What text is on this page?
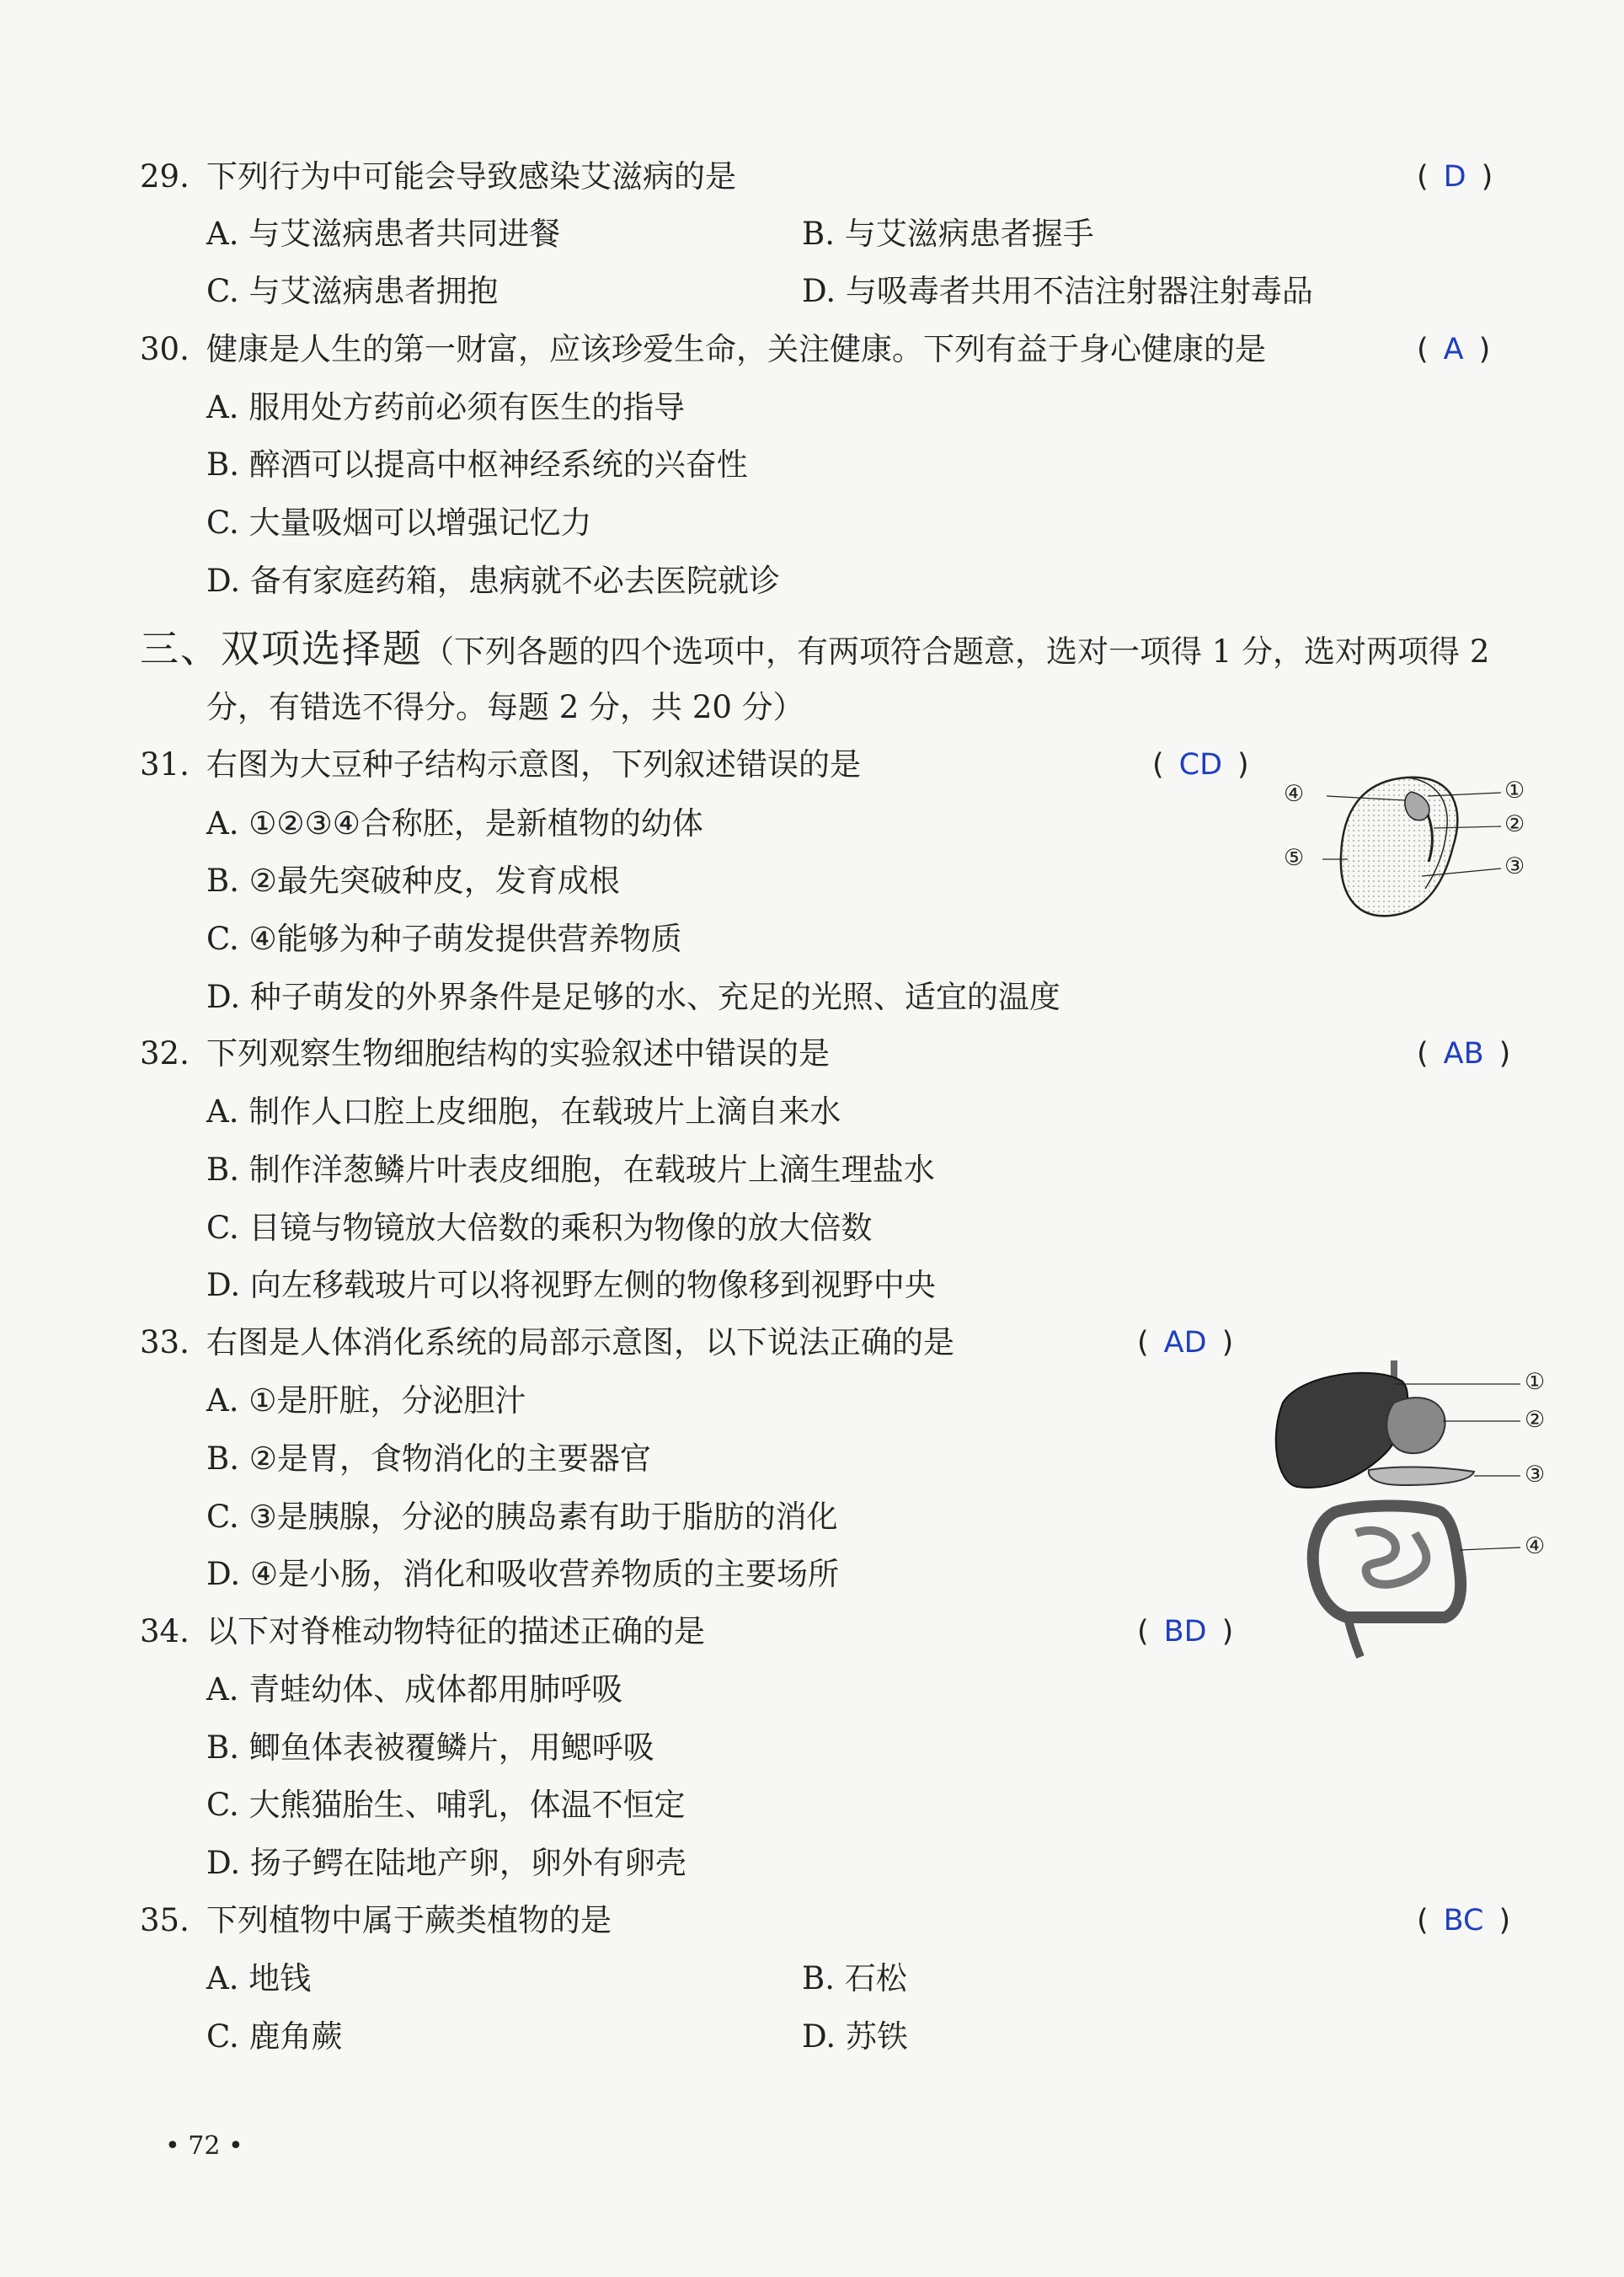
29. 下列行为中可能会导致感染艾滋病的是	( D )
A. 与艾滋病患者共同进餐	B. 与艾滋病患者握手
C. 与艾滋病患者拥抱	D. 与吸毒者共用不洁注射器注射毒品
30. 健康是人生的第一财富，应该珍爱生命，关注健康。下列有益于身心健康的是	( A )
A. 服用处方药前必须有医生的指导
B. 醉酒可以提高中枢神经系统的兴奋性
C. 大量吸烟可以增强记忆力
D. 备有家庭药箱，患病就不必去医院就诊
三、双项选择题（下列各题的四个选项中，有两项符合题意，选对一项得 1 分，选对两项得 2
分，有错选不得分。每题 2 分，共 20 分）
31. 右图为大豆种子结构示意图，下列叙述错误的是	( CD )
A. ①②③④合称胚，是新植物的幼体
B. ②最先突破种皮，发育成根
C. ④能够为种子萌发提供营养物质
D. 种子萌发的外界条件是足够的水、充足的光照、适宜的温度
④
⑤
①
②
③
32. 下列观察生物细胞结构的实验叙述中错误的是	( AB )
A. 制作人口腔上皮细胞，在载玻片上滴自来水
B. 制作洋葱鳞片叶表皮细胞，在载玻片上滴生理盐水
C. 目镜与物镜放大倍数的乘积为物像的放大倍数
D. 向左移载玻片可以将视野左侧的物像移到视野中央
33. 右图是人体消化系统的局部示意图，以下说法正确的是	( AD )
A. ①是肝脏，分泌胆汁
B. ②是胃，食物消化的主要器官
C. ③是胰腺，分泌的胰岛素有助于脂肪的消化
D. ④是小肠，消化和吸收营养物质的主要场所
①
②
③
④
34. 以下对脊椎动物特征的描述正确的是	( BD )
A. 青蛙幼体、成体都用肺呼吸
B. 鲫鱼体表被覆鳞片，用鳃呼吸
C. 大熊猫胎生、哺乳，体温不恒定
D. 扬子鳄在陆地产卵，卵外有卵壳
35. 下列植物中属于蕨类植物的是	( BC )
A. 地钱	B. 石松
C. 鹿角蕨	D. 苏铁
• 72 •
